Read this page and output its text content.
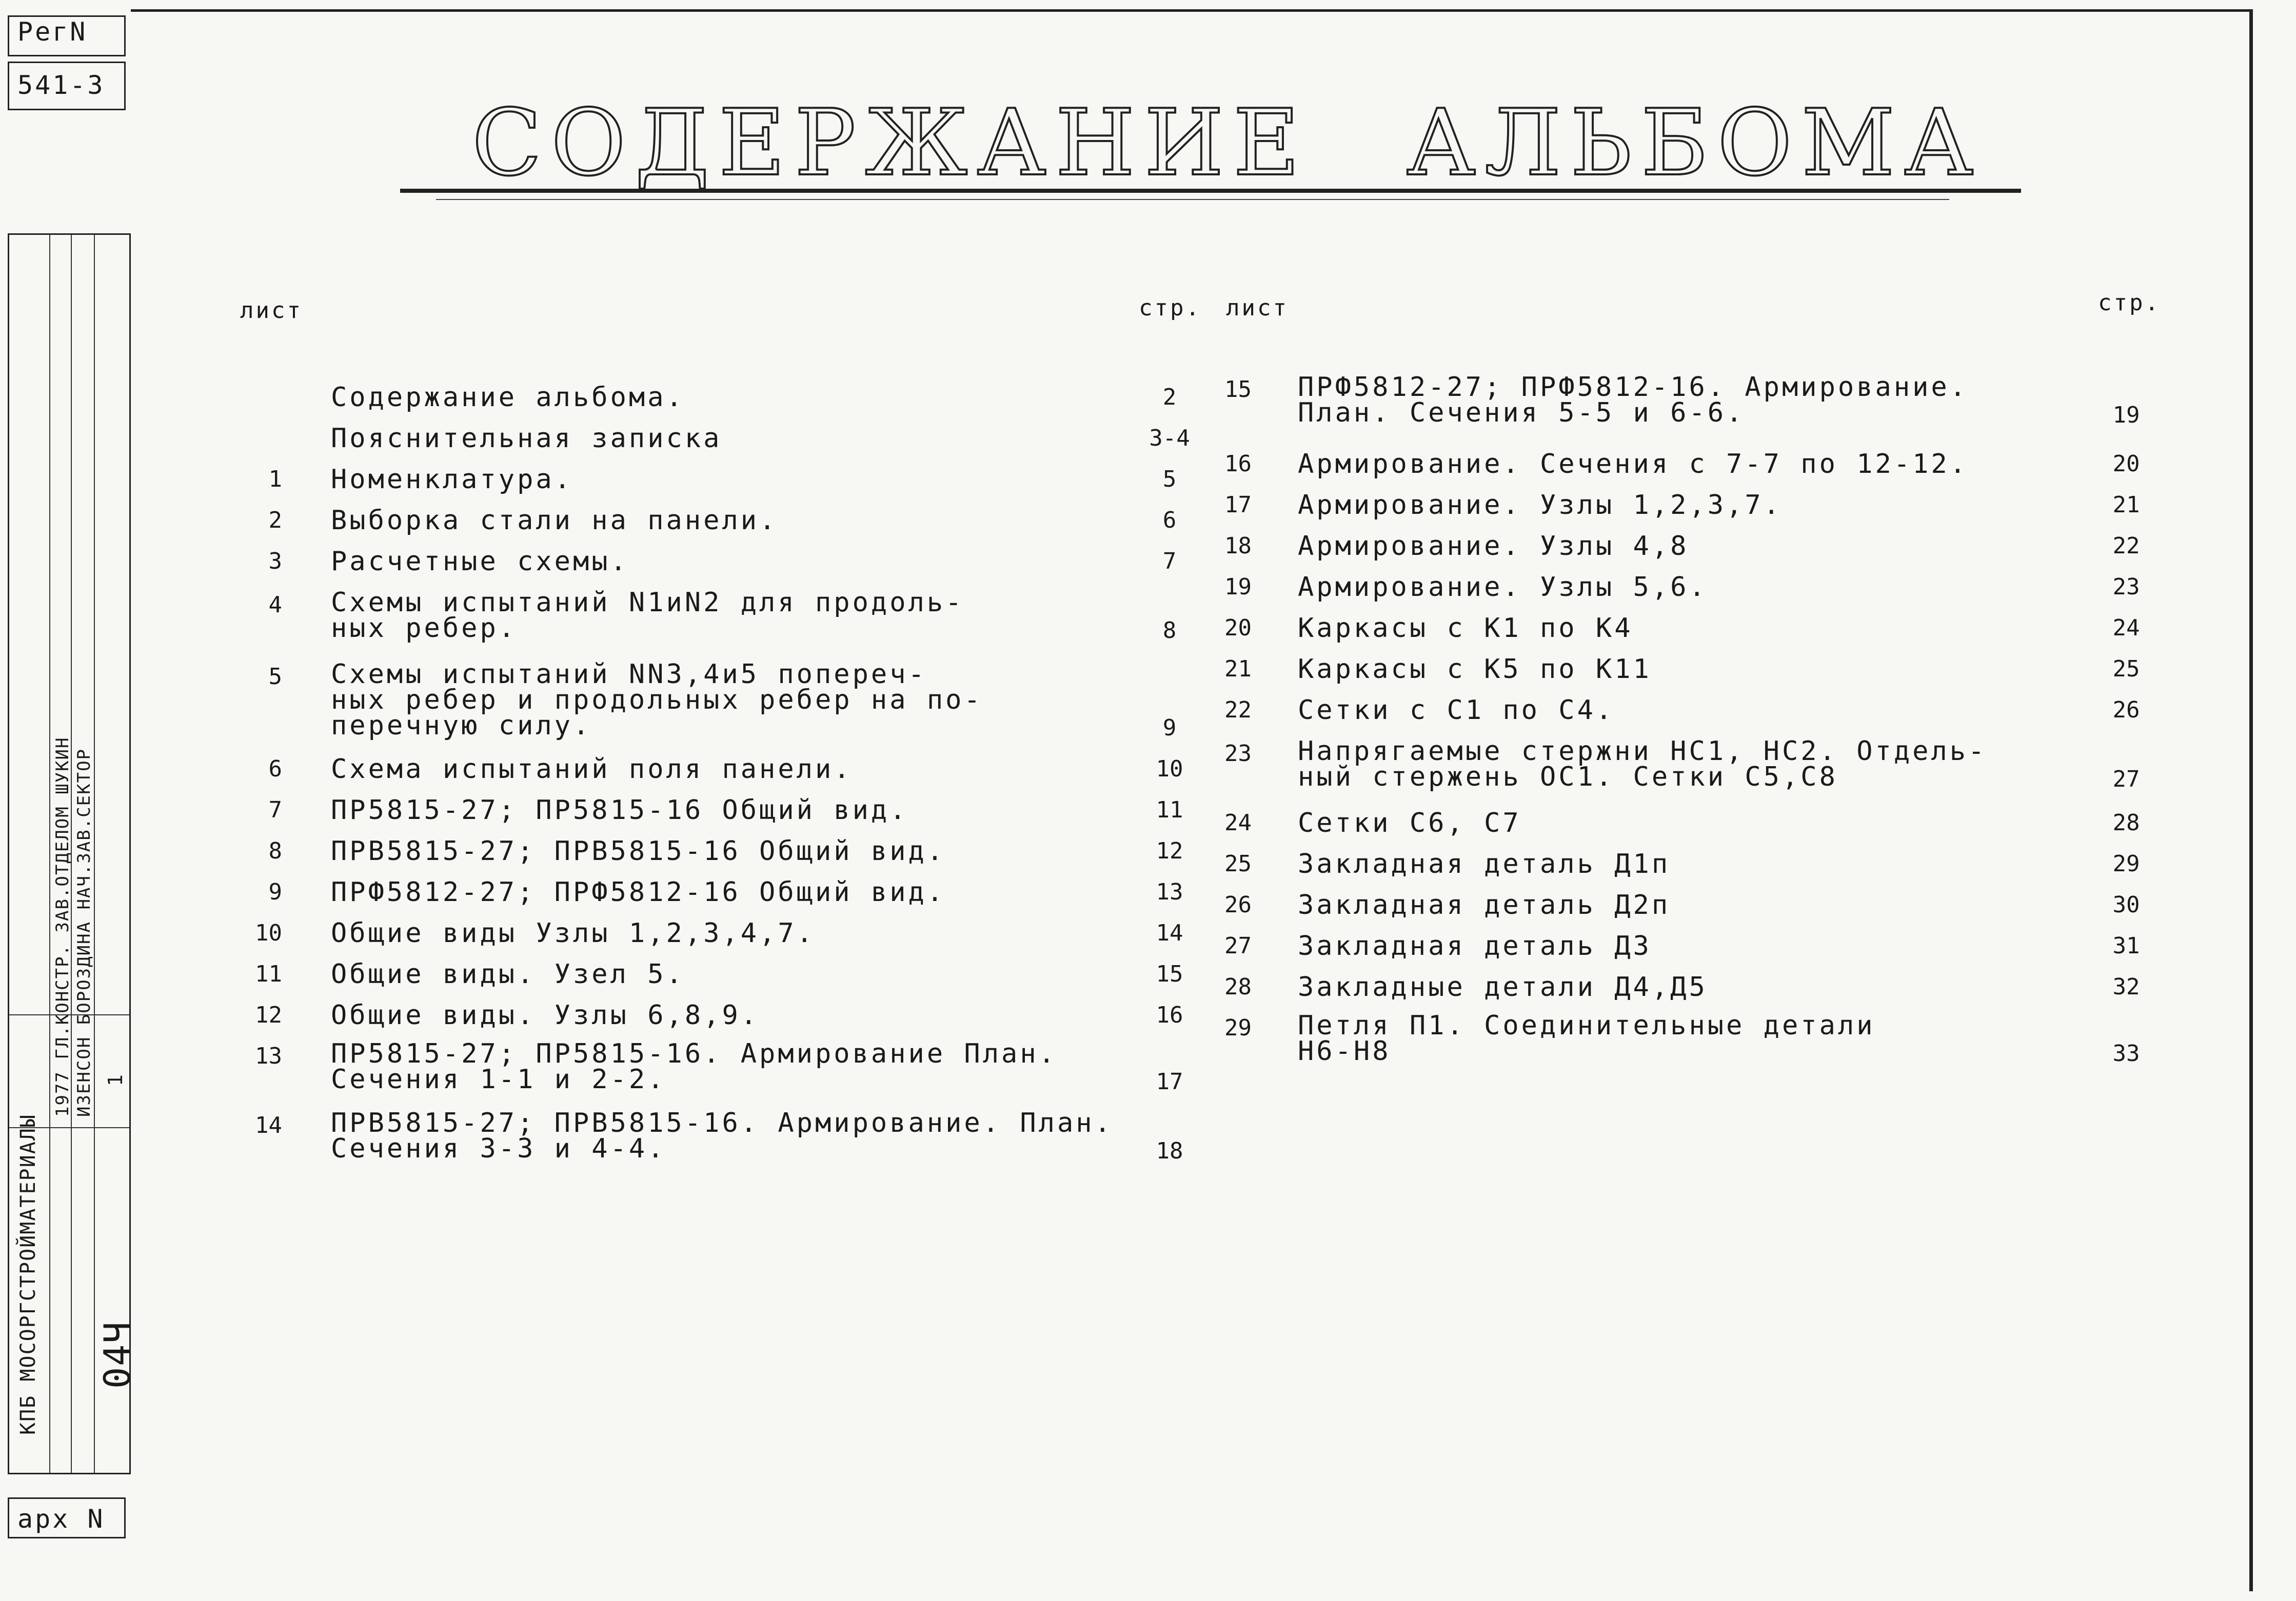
РегN
541-3
КПБ МОСОРГСТРОЙМАТЕРИАЛЫ
1977 ГЛ.КОНСТР. ЗАВ.ОТДЕЛОМ ШУКИН ИЗЕНСОН БОРОЗДИНА НАЧ.ЗАВ.СЕКТОР
04Ч
1
арх N
СОДЕРЖАНИЕ АЛЬБОМА
лист	стр. лист	стр.
Содержание альбома.	2
Пояснительная записка	3-4
1 Номенклатура.	5
2 Выборка стали на панели.	6
3 Расчетные схемы.	7
4 Схемы испытаний N1иN2 для продоль-
ных ребер.	8
5 Схемы испытаний NN3,4и5 попереч-
ных ребер и продольных ребер на по-
перечную силу.	9
6 Схема испытаний поля панели.	10
7 ПР5815-27; ПР5815-16 Общий вид.	11
8 ПРВ5815-27; ПРВ5815-16 Общий вид.	12
9 ПРФ5812-27; ПРФ5812-16 Общий вид.	13
10 Общие виды Узлы 1,2,3,4,7.	14
11 Общие виды. Узел 5.	15
12 Общие виды. Узлы 6,8,9.	16
13 ПР5815-27; ПР5815-16. Армирование План.
Сечения 1-1 и 2-2.	17
14 ПРВ5815-27; ПРВ5815-16. Армирование. План.
Сечения 3-3 и 4-4.	18
15 ПРФ5812-27; ПРФ5812-16. Армирование.
План. Сечения 5-5 и 6-6.	19
16 Армирование. Сечения с 7-7 по 12-12.	20
17 Армирование. Узлы 1,2,3,7.	21
18 Армирование. Узлы 4,8	22
19 Армирование. Узлы 5,6.	23
20 Каркасы с К1 по К4	24
21 Каркасы с К5 по К11	25
22 Сетки с С1 по С4.	26
23 Напрягаемые стержни НС1, НС2. Отдель-
ный стержень ОС1. Сетки С5,С8	27
24 Сетки С6, С7	28
25 Закладная деталь Д1п	29
26 Закладная деталь Д2п	30
27 Закладная деталь Д3	31
28 Закладные детали Д4,Д5	32
29 Петля П1. Соединительные детали
Н6-Н8	33
